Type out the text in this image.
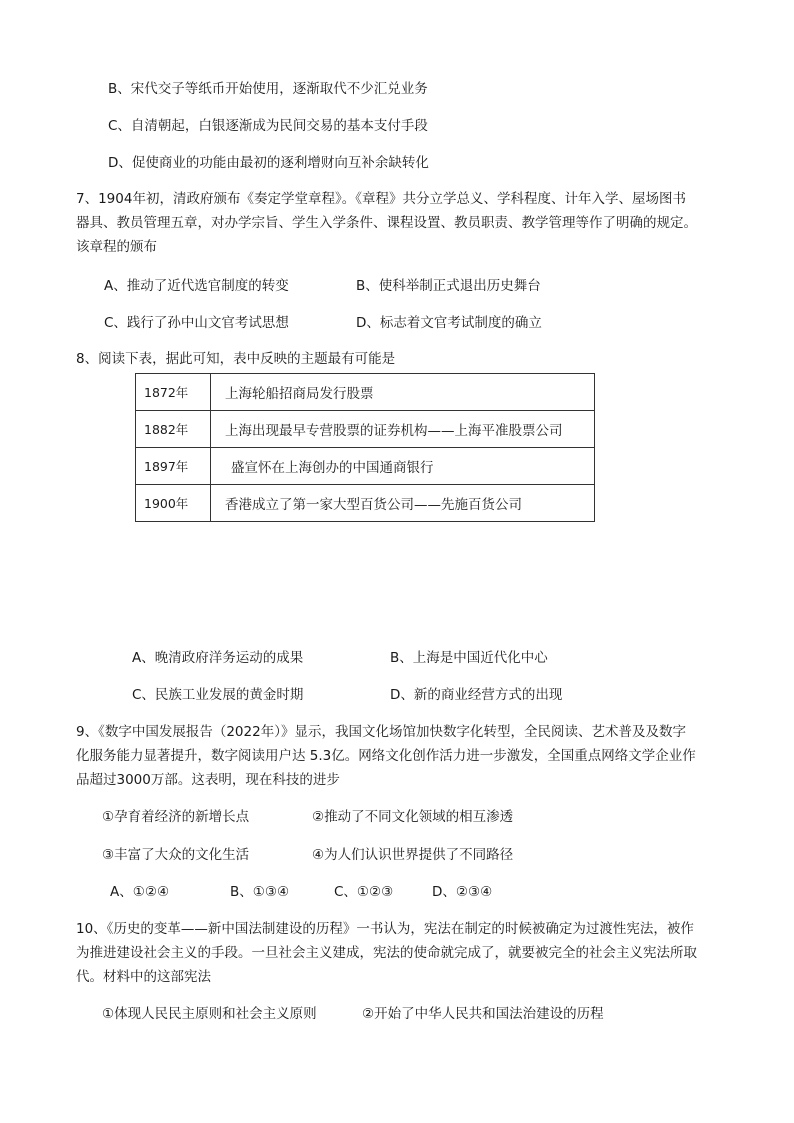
B、宋代交子等纸币开始使用，逐渐取代不少汇兑业务
C、自清朝起，白银逐渐成为民间交易的基本支付手段
D、促使商业的功能由最初的逐利增财向互补余缺转化
7、1904年初，清政府颁布《奏定学堂章程》。《章程》共分立学总义、学科程度、计年入学、屋场图书
器具、教员管理五章，对办学宗旨、学生入学条件、课程设置、教员职责、教学管理等作了明确的规定。
该章程的颁布
A、推动了近代选官制度的转变	B、使科举制正式退出历史舞台
C、践行了孙中山文官考试思想	D、标志着文官考试制度的确立
8、阅读下表，据此可知，表中反映的主题最有可能是
1872年	上海轮船招商局发行股票
1882年	上海出现最早专营股票的证券机构——上海平准股票公司
1897年	盛宣怀在上海创办的中国通商银行
1900年	香港成立了第一家大型百货公司——先施百货公司
A、晚清政府洋务运动的成果	B、上海是中国近代化中心
C、民族工业发展的黄金时期	D、新的商业经营方式的出现
9、《数字中国发展报告（2022年）》显示，我国文化场馆加快数字化转型，全民阅读、艺术普及及数字
化服务能力显著提升，数字阅读用户达 5.3亿。网络文化创作活力进一步激发，全国重点网络文学企业作
品超过3000万部。这表明，现在科技的进步
①孕育着经济的新增长点	②推动了不同文化领域的相互渗透
③丰富了大众的文化生活	④为人们认识世界提供了不同路径
A、①②④	B、①③④	C、①②③	D、②③④
10、《历史的变革——新中国法制建设的历程》一书认为，宪法在制定的时候被确定为过渡性宪法，被作
为推进建设社会主义的手段。一旦社会主义建成，宪法的使命就完成了，就要被完全的社会主义宪法所取
代。材料中的这部宪法
①体现人民民主原则和社会主义原则	②开始了中华人民共和国法治建设的历程
